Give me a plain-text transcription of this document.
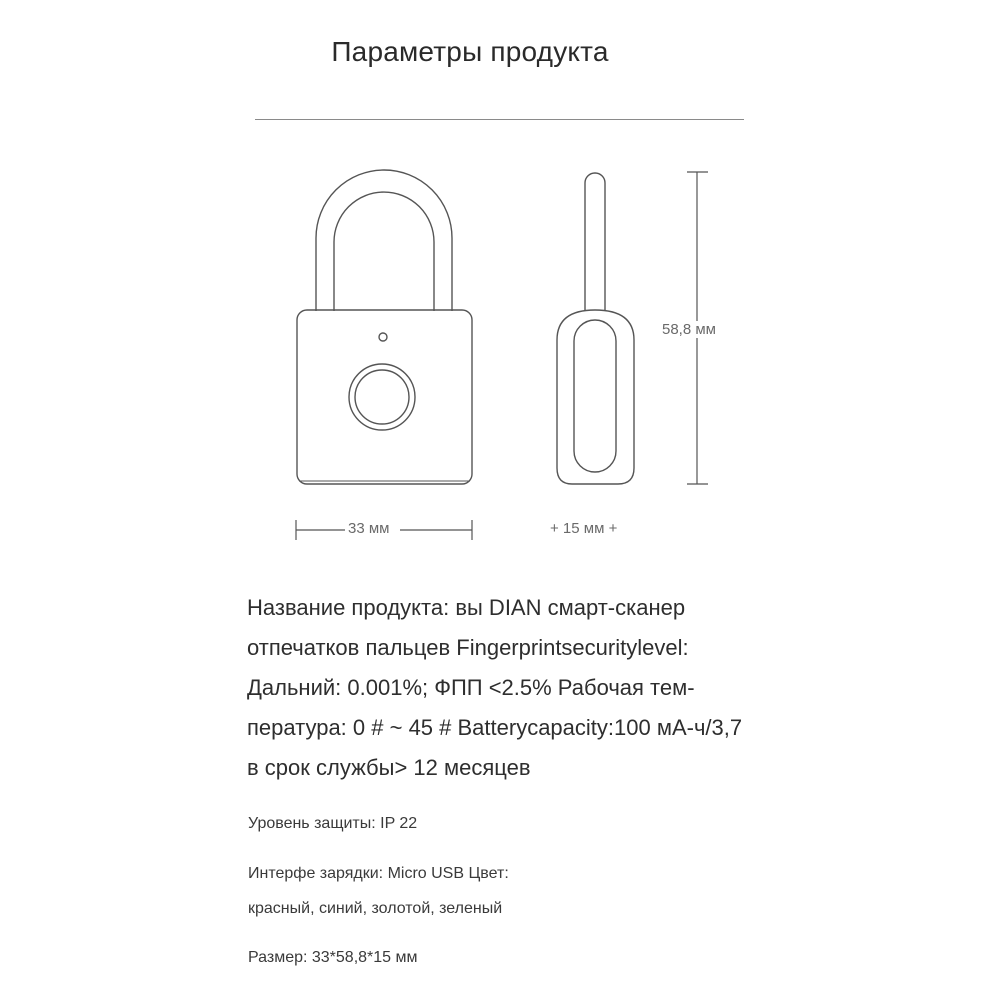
Параметры продукта
33 мм	+ 15 мм +
58,8 мм

Название продукта: вы DIAN смарт-сканер отпечатков пальцев Fingerprintsecuritylevel: Дальний: 0.001%; ФПП <2.5% Рабочая тем-пература: 0 # ~ 45 # Batterycapacity:100 мА-ч/3,7 в срок службы> 12 месяцев

Уровень защиты: IP 22

Интерфе зарядки: Micro USB Цвет:

красный, синий, золотой, зеленый

Размер: 33*58,8*15 мм
